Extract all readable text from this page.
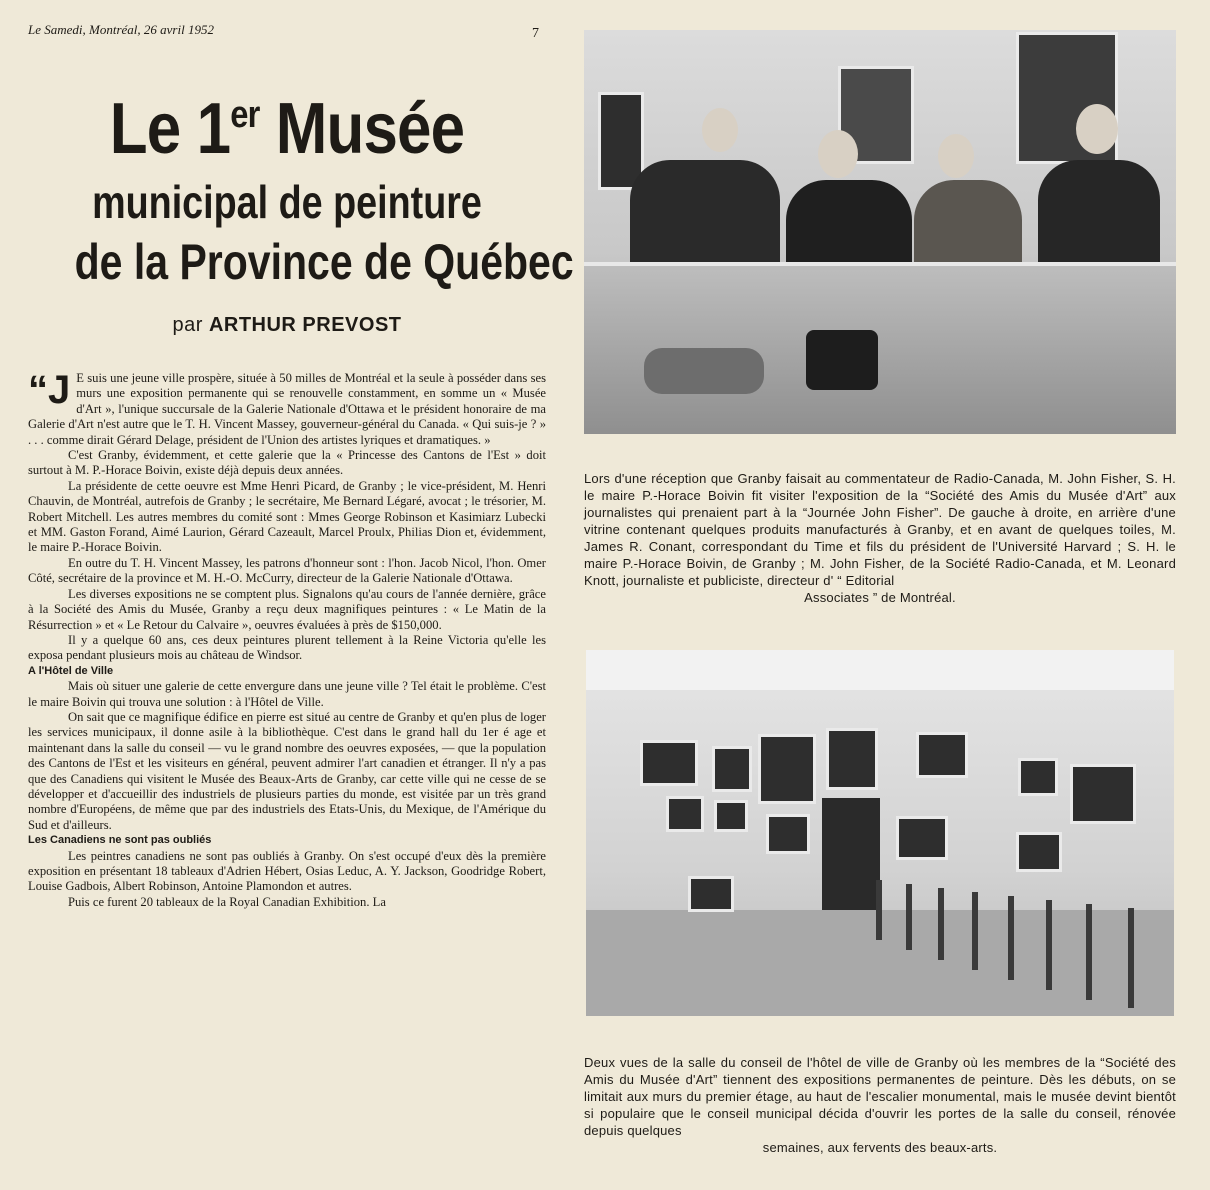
Le Samedi, Montréal, 26 avril 1952	7
Le 1er Musée
municipal de peinture
de la Province de Québec
par ARTHUR PREVOST

“J E suis une jeune ville prospère, située à 50 milles de Montréal et la seule à posséder dans ses murs une exposition permanente qui se renouvelle constamment, en somme un « Musée d'Art », l'unique succursale de la Galerie Nationale d'Ottawa et le président honoraire de ma Galerie d'Art n'est autre que le T. H. Vincent Massey, gouverneur-général du Canada. « Qui suis-je ? » . . . comme dirait Gérard Delage, président de l'Union des artistes lyriques et dramatiques. »

C'est Granby, évidemment, et cette galerie que la « Princesse des Cantons de l'Est » doit surtout à M. P.-Horace Boivin, existe déjà depuis deux années.

La présidente de cette oeuvre est Mme Henri Picard, de Granby ; le vice-président, M. Henri Chauvin, de Montréal, autrefois de Granby ; le secrétaire, Me Bernard Légaré, avocat ; le trésorier, M. Robert Mitchell. Les autres membres du comité sont : Mmes George Robinson et Kasimiarz Lubecki et MM. Gaston Forand, Aimé Laurion, Gérard Cazeault, Marcel Proulx, Philias Dion et, évidemment, le maire P.-Horace Boivin.

En outre du T. H. Vincent Massey, les patrons d'honneur sont : l'hon. Jacob Nicol, l'hon. Omer Côté, secrétaire de la province et M. H.-O. McCurry, directeur de la Galerie Nationale d'Ottawa.

Les diverses expositions ne se comptent plus. Signalons qu'au cours de l'année dernière, grâce à la Société des Amis du Musée, Granby a reçu deux magnifiques peintures : « Le Matin de la Résurrection » et « Le Retour du Calvaire », oeuvres évaluées à près de $150,000.

Il y a quelque 60 ans, ces deux peintures plurent tellement à la Reine Victoria qu'elle les exposa pendant plusieurs mois au château de Windsor.

A l'Hôtel de Ville

Mais où situer une galerie de cette envergure dans une jeune ville ? Tel était le problème. C'est le maire Boivin qui trouva une solution : à l'Hôtel de Ville.

On sait que ce magnifique édifice en pierre est situé au centre de Granby et qu'en plus de loger les services municipaux, il donne asile à la bibliothèque. C'est dans le grand hall du 1er é age et maintenant dans la salle du conseil — vu le grand nombre des oeuvres exposées, — que la population des Cantons de l'Est et les visiteurs en général, peuvent admirer l'art canadien et étranger. Il n'y a pas que des Canadiens qui visitent le Musée des Beaux-Arts de Granby, car cette ville qui ne cesse de se développer et d'accueillir des industriels de plusieurs parties du monde, est visitée par un très grand nombre d'Européens, de même que par des industriels des Etats-Unis, du Mexique, de l'Amérique du Sud et d'ailleurs.

Les Canadiens ne sont pas oubliés

Les peintres canadiens ne sont pas oubliés à Granby. On s'est occupé d'eux dès la première exposition en présentant 18 tableaux d'Adrien Hébert, Osias Leduc, A. Y. Jackson, Goodridge Robert, Louise Gadbois, Albert Robinson, Antoine Plamondon et autres.

Puis ce furent 20 tableaux de la Royal Canadian Exhibition. La

Lors d'une réception que Granby faisait au commentateur de Radio-Canada, M. John Fisher, S. H. le maire P.-Horace Boivin fit visiter l'exposition de la “Société des Amis du Musée d'Art” aux journalistes qui prenaient part à la “Journée John Fisher”. De gauche à droite, en arrière d'une vitrine contenant quelques produits manufacturés à Granby, et en avant de quelques toiles, M. James R. Conant, correspondant du Time et fils du président de l'Université Harvard ; S. H. le maire P.-Horace Boivin, de Granby ; M. John Fisher, de la Société Radio-Canada, et M. Leonard Knott, journaliste et publiciste, directeur d' “ Editorial
Associates ” de Montréal.
Deux vues de la salle du conseil de l'hôtel de ville de Granby où les membres de la “Société des Amis du Musée d'Art” tiennent des expositions permanentes de peinture. Dès les débuts, on se limitait aux murs du premier étage, au haut de l'escalier monumental, mais le musée devint bientôt si populaire que le conseil municipal décida d'ouvrir les portes de la salle du conseil, rénovée depuis quelques
semaines, aux fervents des beaux-arts.
